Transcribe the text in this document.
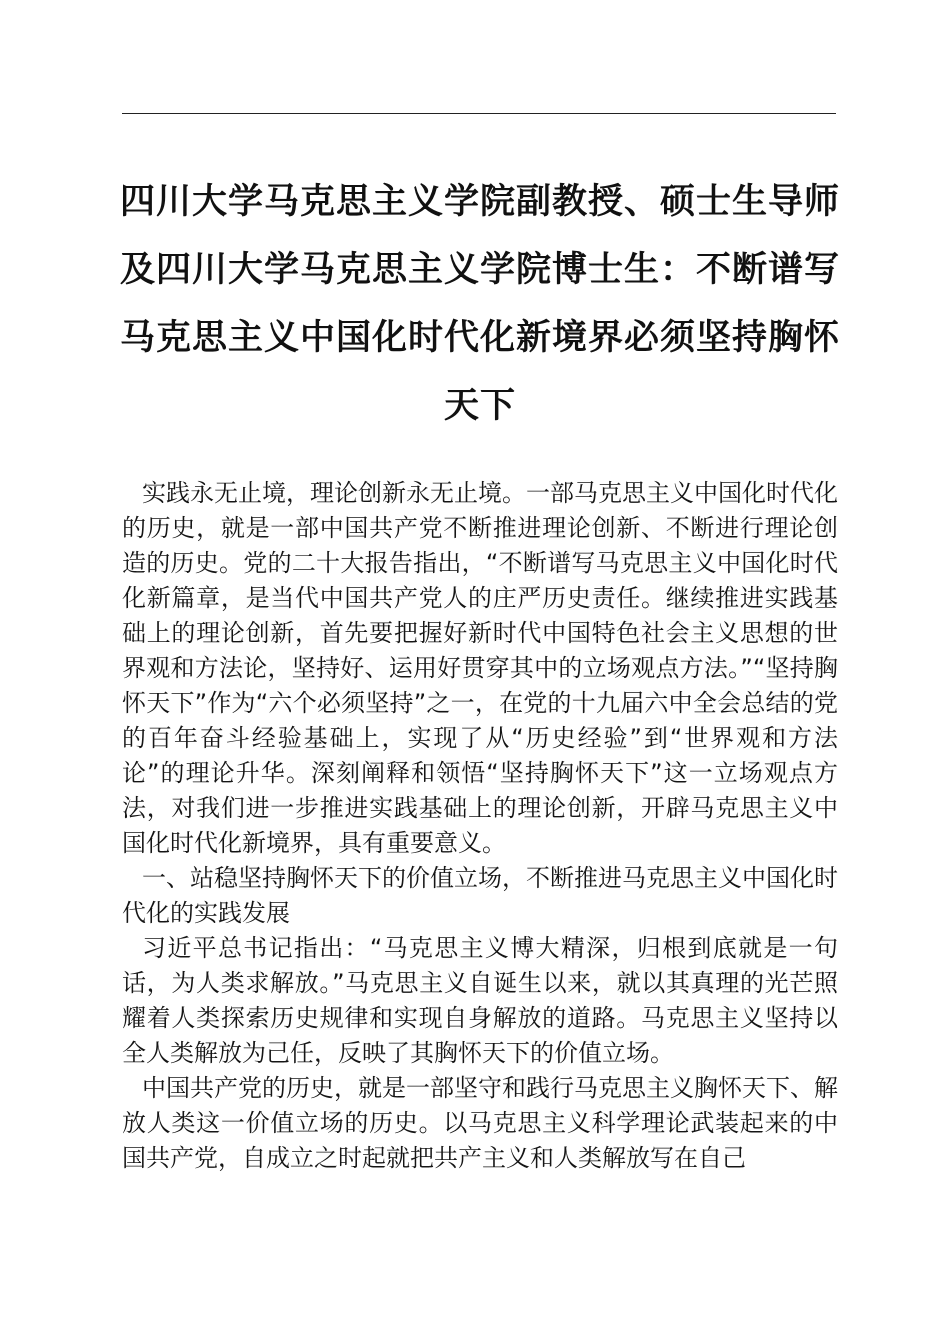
四川大学马克思主义学院副教授、硕士生导师及四川大学马克思主义学院博士生：不断谱写马克思主义中国化时代化新境界必须坚持胸怀天下

实践永无止境，理论创新永无止境。一部马克思主义中国化时代化的历史，就是一部中国共产党不断推进理论创新、不断进行理论创造的历史。党的二十大报告指出，“不断谱写马克思主义中国化时代化新篇章，是当代中国共产党人的庄严历史责任。继续推进实践基础上的理论创新，首先要把握好新时代中国特色社会主义思想的世界观和方法论，坚持好、运用好贯穿其中的立场观点方法。”“坚持胸怀天下”作为“六个必须坚持”之一，在党的十九届六中全会总结的党的百年奋斗经验基础上，实现了从“历史经验”到“世界观和方法论”的理论升华。深刻阐释和领悟“坚持胸怀天下”这一立场观点方法，对我们进一步推进实践基础上的理论创新，开辟马克思主义中国化时代化新境界，具有重要意义。

一、站稳坚持胸怀天下的价值立场，不断推进马克思主义中国化时代化的实践发展

习近平总书记指出：“马克思主义博大精深，归根到底就是一句话，为人类求解放。”马克思主义自诞生以来，就以其真理的光芒照耀着人类探索历史规律和实现自身解放的道路。马克思主义坚持以全人类解放为己任，反映了其胸怀天下的价值立场。

中国共产党的历史，就是一部坚守和践行马克思主义胸怀天下、解放人类这一价值立场的历史。以马克思主义科学理论武装起来的中国共产党，自成立之时起就把共产主义和人类解放写在自己
